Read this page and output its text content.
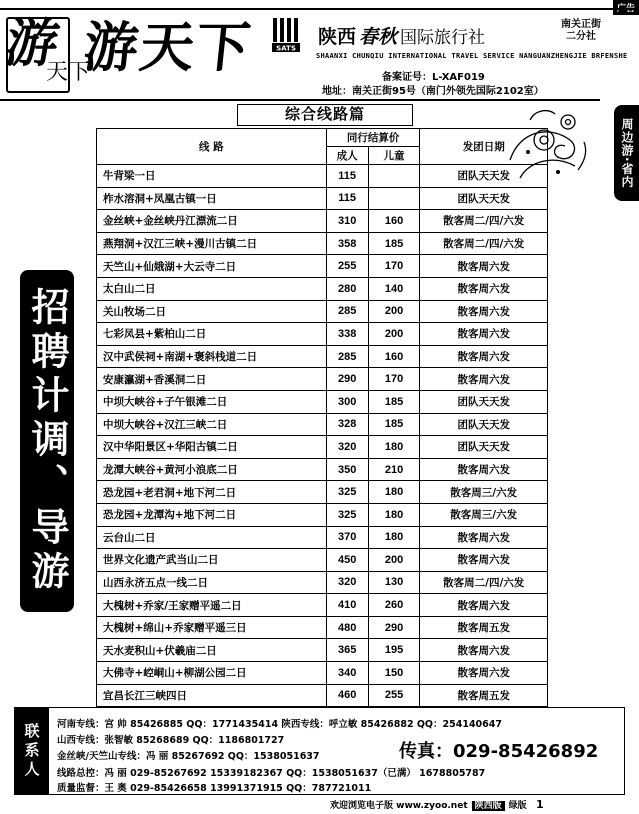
游
天下
游天下	SATS
陕西 春秋 国际旅行社
南关正街二分社
SHAANXI CHUNQIU INTERNATIONAL TRAVEL SERVICE NANGUANZHENGJIE BRFENSHE
备案证号：L-XAF019
地址：南关正街95号（南门外领先国际2102室）
周边游·省内
招聘计调、导游
综合线路篇
线 路	同行结算价		发团日期
	成人	儿童	
牛背梁一日	115		团队天天发
柞水溶洞+凤凰古镇一日	115		团队天天发
金丝峡+金丝峡丹江漂流二日	310	160	散客周二/四/六发
燕翔洞+汉江三峡+漫川古镇二日	358	185	散客周二/四/六发
天竺山+仙娥湖+大云寺二日	255	170	散客周六发
太白山二日	280	140	散客周六发
关山牧场二日	285	200	散客周六发
七彩凤县+紫柏山二日	338	200	散客周六发
汉中武侯祠+南湖+褒斜栈道二日	285	160	散客周六发
安康瀛湖+香溪洞二日	290	170	散客周六发
中坝大峡谷+子午银滩二日	300	185	团队天天发
中坝大峡谷+汉江三峡二日	328	185	团队天天发
汉中华阳景区+华阳古镇二日	320	180	团队天天发
龙潭大峡谷+黄河小浪底二日	350	210	散客周六发
恐龙园+老君洞+地下河二日	325	180	散客周三/六发
恐龙园+龙潭沟+地下河二日	325	180	散客周三/六发
云台山二日	370	180	散客周六发
世界文化遗产武当山二日	450	200	散客周六发
山西永济五点一线二日	320	130	散客周二/四/六发
大槐树+乔家/王家赠平遥二日	410	260	散客周六发
大槐树+绵山+乔家赠平遥三日	480	290	散客周五发
天水麦积山+伏羲庙二日	365	195	散客周六发
大佛寺+崆峒山+柳湖公园二日	340	150	散客周六发
宜昌长江三峡四日	460	255	散客周五发
联系人 河南专线：宫 帅 85426885 QQ：1771435414 陕西专线：呼立敏 85426882 QQ：254140647
山西专线：张智敏 85268689 QQ：1186801727
金丝峡/天竺山专线：冯 丽 85267692 QQ：1538051637	传真：029-85426892
线路总控：冯 丽 029-85267692 15339182367 QQ：1538051637（已满） 1678805787
质量监督：王 奥 029-85426658 13991371915 QQ：787721011
欢迎浏览电子版 www.zyoo.net 陕西版 绿版 1
